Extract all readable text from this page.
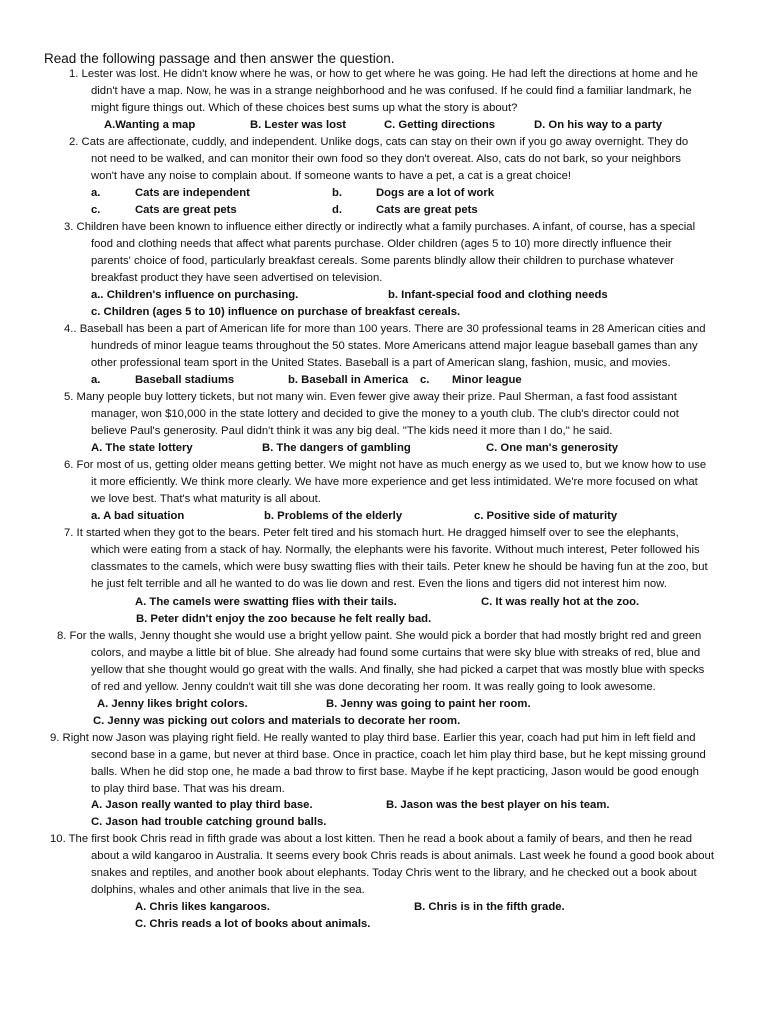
Read the following passage and then answer the question.
1. Lester was lost. He didn't know where he was, or how to get where he was going. He had left the directions at home and he
didn't have a map. Now, he was in a strange neighborhood and he was confused. If he could find a familiar landmark, he
might figure things out. Which of these choices best sums up what the story is about?
A.Wanting a map	B. Lester was lost	C. Getting directions	D. On his way to a party
2. Cats are affectionate, cuddly, and independent. Unlike dogs, cats can stay on their own if you go away overnight. They do
not need to be walked, and can monitor their own food so they don't overeat. Also, cats do not bark, so your neighbors
won't have any noise to complain about. If someone wants to have a pet, a cat is a great choice!
a.	Cats are independent	b.	Dogs are a lot of work
c.	Cats are great pets	d.	Cats are great pets
3. Children have been known to influence either directly or indirectly what a family purchases. A infant, of course, has a special
food and clothing needs that affect what parents purchase. Older children (ages 5 to 10) more directly influence their
parents' choice of food, particularly breakfast cereals. Some parents blindly allow their children to purchase whatever
breakfast product they have seen advertised on television.
a.. Children's influence on purchasing.	b. Infant-special food and clothing needs
c. Children (ages 5 to 10) influence on purchase of breakfast cereals.
4.. Baseball has been a part of American life for more than 100 years. There are 30 professional teams in 28 American cities and
hundreds of minor league teams throughout the 50 states. More Americans attend major league baseball games than any
other professional team sport in the United States. Baseball is a part of American slang, fashion, music, and movies.
a.	Baseball stadiums	b. Baseball in America c. Minor league
5. Many people buy lottery tickets, but not many win. Even fewer give away their prize. Paul Sherman, a fast food assistant
manager, won $10,000 in the state lottery and decided to give the money to a youth club. The club's director could not
believe Paul's generosity. Paul didn't think it was any big deal. "The kids need it more than I do," he said.
A. The state lottery	B. The dangers of gambling	C. One man's generosity
6. For most of us, getting older means getting better. We might not have as much energy as we used to, but we know how to use
it more efficiently. We think more clearly. We have more experience and get less intimidated. We're more focused on what
we love best. That's what maturity is all about.
a. A bad situation	b. Problems of the elderly	c. Positive side of maturity
7. It started when they got to the bears. Peter felt tired and his stomach hurt. He dragged himself over to see the elephants,
which were eating from a stack of hay. Normally, the elephants were his favorite. Without much interest, Peter followed his
classmates to the camels, which were busy swatting flies with their tails. Peter knew he should be having fun at the zoo, but
he just felt terrible and all he wanted to do was lie down and rest. Even the lions and tigers did not interest him now.
A. The camels were swatting flies with their tails.	C. It was really hot at the zoo.
B. Peter didn't enjoy the zoo because he felt really bad.
8. For the walls, Jenny thought she would use a bright yellow paint. She would pick a border that had mostly bright red and green
colors, and maybe a little bit of blue. She already had found some curtains that were sky blue with streaks of red, blue and
yellow that she thought would go great with the walls. And finally, she had picked a carpet that was mostly blue with specks
of red and yellow. Jenny couldn't wait till she was done decorating her room. It was really going to look awesome.
A. Jenny likes bright colors.	B. Jenny was going to paint her room.
C. Jenny was picking out colors and materials to decorate her room.
9. Right now Jason was playing right field. He really wanted to play third base. Earlier this year, coach had put him in left field and
second base in a game, but never at third base. Once in practice, coach let him play third base, but he kept missing ground
balls. When he did stop one, he made a bad throw to first base. Maybe if he kept practicing, Jason would be good enough
to play third base. That was his dream.
A. Jason really wanted to play third base.	B. Jason was the best player on his team.
C. Jason had trouble catching ground balls.
10. The first book Chris read in fifth grade was about a lost kitten. Then he read a book about a family of bears, and then he read
about a wild kangaroo in Australia. It seems every book Chris reads is about animals. Last week he found a good book about
snakes and reptiles, and another book about elephants. Today Chris went to the library, and he checked out a book about
dolphins, whales and other animals that live in the sea.
A. Chris likes kangaroos.	B. Chris is in the fifth grade.
C. Chris reads a lot of books about animals.
